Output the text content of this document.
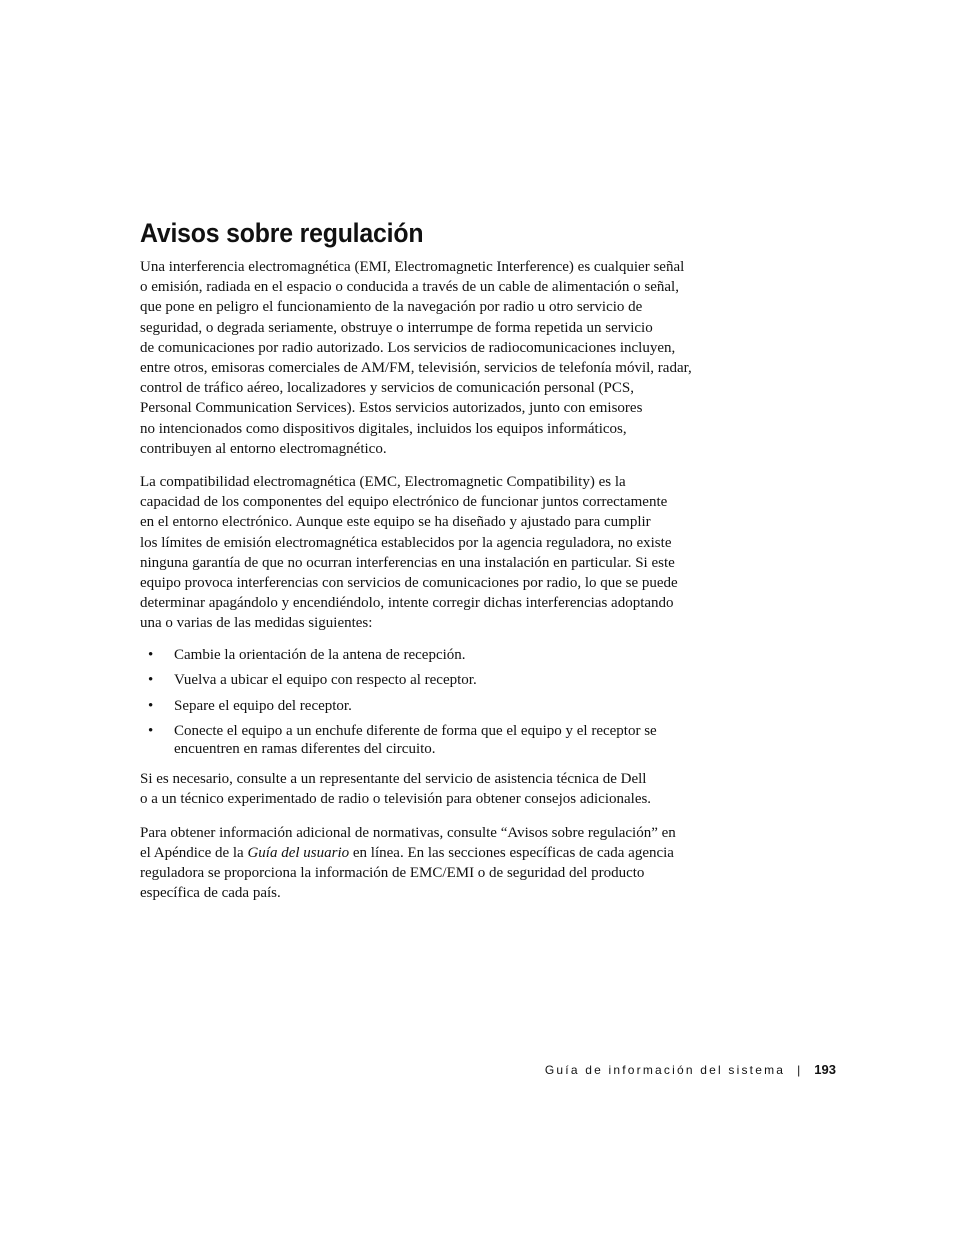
Avisos sobre regulación

Una interferencia electromagnética (EMI, Electromagnetic Interference) es cualquier señal
o emisión, radiada en el espacio o conducida a través de un cable de alimentación o señal,
que pone en peligro el funcionamiento de la navegación por radio u otro servicio de
seguridad, o degrada seriamente, obstruye o interrumpe de forma repetida un servicio
de comunicaciones por radio autorizado. Los servicios de radiocomunicaciones incluyen,
entre otros, emisoras comerciales de AM/FM, televisión, servicios de telefonía móvil, radar,
control de tráfico aéreo, localizadores y servicios de comunicación personal (PCS,
Personal Communication Services). Estos servicios autorizados, junto con emisores
no intencionados como dispositivos digitales, incluidos los equipos informáticos,
contribuyen al entorno electromagnético.

La compatibilidad electromagnética (EMC, Electromagnetic Compatibility) es la
capacidad de los componentes del equipo electrónico de funcionar juntos correctamente
en el entorno electrónico. Aunque este equipo se ha diseñado y ajustado para cumplir
los límites de emisión electromagnética establecidos por la agencia reguladora, no existe
ninguna garantía de que no ocurran interferencias en una instalación en particular. Si este
equipo provoca interferencias con servicios de comunicaciones por radio, lo que se puede
determinar apagándolo y encendiéndolo, intente corregir dichas interferencias adoptando
una o varias de las medidas siguientes:

• Cambie la orientación de la antena de recepción.
• Vuelva a ubicar el equipo con respecto al receptor.
• Separe el equipo del receptor.
• Conecte el equipo a un enchufe diferente de forma que el equipo y el receptor se
encuentren en ramas diferentes del circuito.

Si es necesario, consulte a un representante del servicio de asistencia técnica de Dell
o a un técnico experimentado de radio o televisión para obtener consejos adicionales.

Para obtener información adicional de normativas, consulte “Avisos sobre regulación” en
el Apéndice de la Guía del usuario en línea. En las secciones específicas de cada agencia
reguladora se proporciona la información de EMC/EMI o de seguridad del producto
específica de cada país.

Guía de información del sistema | 193
